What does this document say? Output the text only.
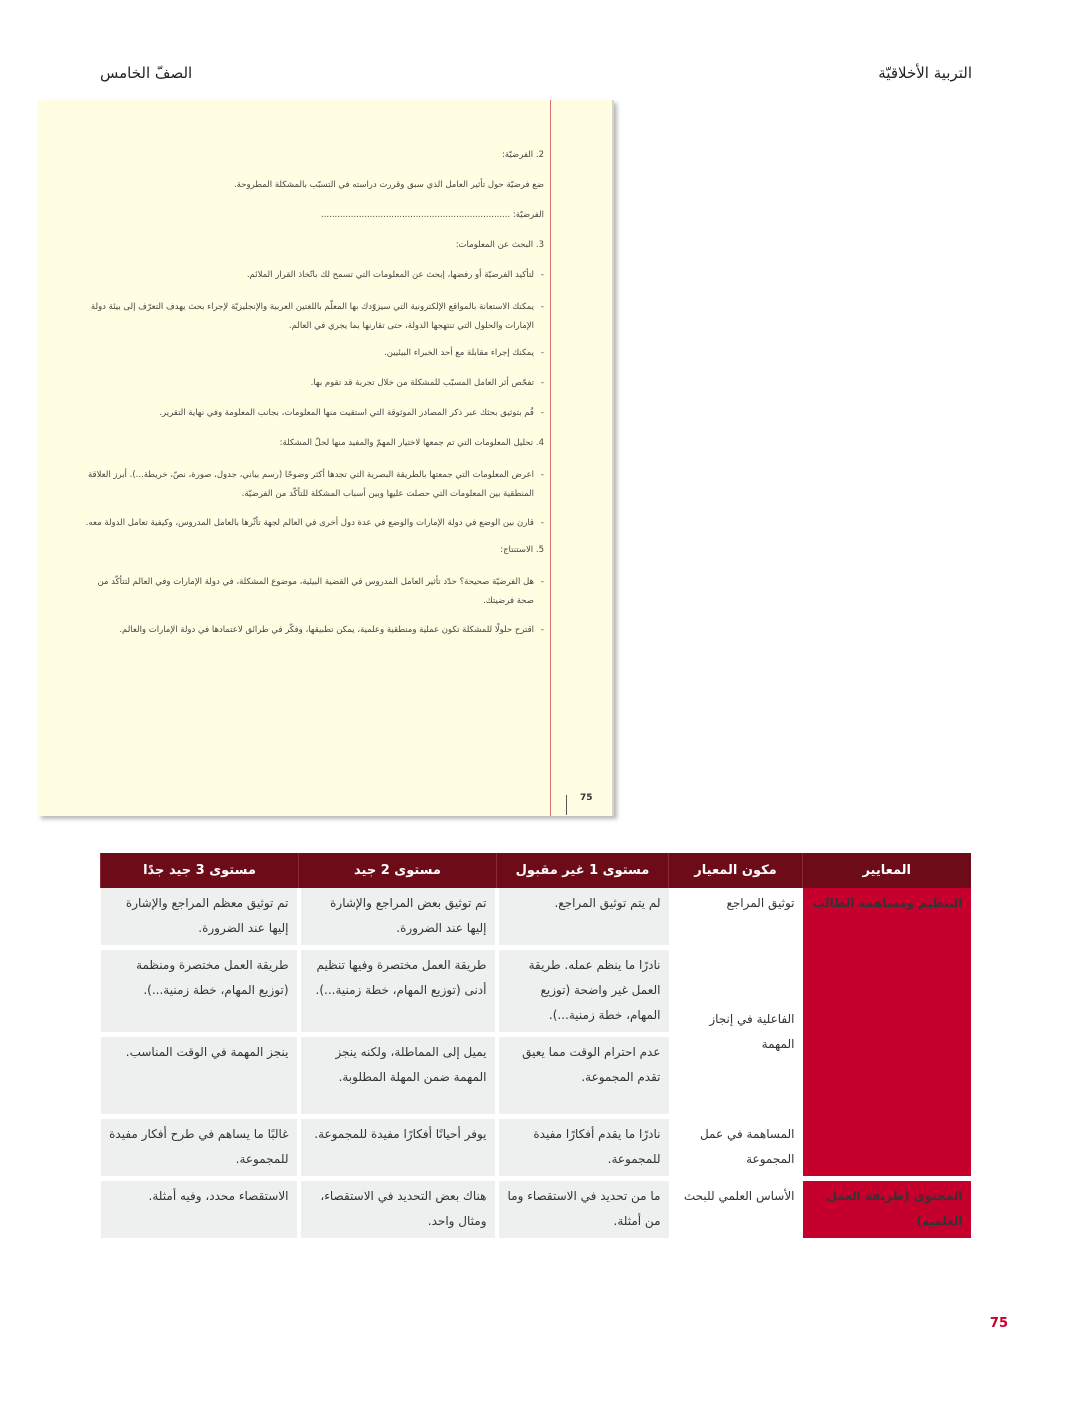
التربية الأخلاقيّة
الصفّ الخامس
75
2. الفرضيّة:
ضع فرضيّة حول تأثير العامل الذي سبق وقررت دراسته في التسبّب بالمشكلة المطروحة.
الفرضيّة: ......................................................................
3. البحث عن المعلومات:
- لتأكيد الفرضيّة أو رفضها، إبحث عن المعلومات التي تسمح لك باتّخاذ القرار الملائم.
- يمكنك الاستعانة بالمواقع الإلكترونية التي سيزوّدك بها المعلّم باللغتين العربية والإنجليزيّة لإجراء بحث يهدف التعرّف إلى بيئة دولة الإمارات والحلول التي تنتهجها الدولة، حتى تقارنها بما يجري في العالم.
- يمكنك إجراء مقابلة مع أحد الخبراء البيئيين.
- تفحّص أثر العامل المسبّب للمشكلة من خلال تجربة قد تقوم بها.
- قُم بتوثيق بحثك عبر ذكر المصادر الموثوقة التي استقيت منها المعلومات، بجانب المعلومة وفي نهاية التقرير.
4. تحليل المعلومات التي تم جمعها لاختيار المهمّ والمفيد منها لحلّ المشكلة:
- اعرض المعلومات التي جمعتها بالطريقة البصرية التي تجدها أكثر وضوحًا (رسم بياني، جدول، صورة، نصّ، خريطة...). أبرز العلاقة المنطقية بين المعلومات التي حصلت عليها وبين أسباب المشكلة للتأكّد من الفرضيّة.
- قارن بين الوضع في دولة الإمارات والوضع في عدة دول أخرى في العالم لجهة تأثّرها بالعامل المدروس، وكيفية تعامل الدولة معه.
5. الاستنتاج:
- هل الفرضيّة صحيحة؟ حدّد تأثير العامل المدروس في القضية البيئية، موضوع المشكلة، في دولة الإمارات وفي العالم لتتأكّد من صحة فرضيتك.
- اقترح حلولًا للمشكلة تكون عملية ومنطقية وعلمية، يمكن تطبيقها، وفكّر في طرائق لاعتمادها في دولة الإمارات والعالم.
المعايير	مكون المعيار	مستوى 1 غير مقبول	مستوى 2 جيد	مستوى 3 جيد جدًا
التنظيم ومساهمة الطالب	توثيق المراجع	لم يتم توثيق المراجع.	تم توثيق بعض المراجع والإشارة إليها عند الضرورة.	تم توثيق معظم المراجع والإشارة إليها عند الضرورة.
	الفاعلية في إنجاز المهمة	نادرًا ما ينظم عمله. طريقة العمل غير واضحة (توزيع المهام، خطة زمنية...).	طريقة العمل مختصرة وفيها تنظيم أدنى (توزيع المهام، خطة زمنية...).	طريقة العمل مختصرة ومنظمة (توزيع المهام، خطة زمنية...).
		عدم احترام الوقت مما يعيق تقدم المجموعة.	يميل إلى المماطلة، ولكنه ينجز المهمة ضمن المهلة المطلوبة.	ينجز المهمة في الوقت المناسب.
	المساهمة في عمل المجموعة	نادرًا ما يقدم أفكارًا مفيدة للمجموعة.	يوفر أحيانًا أفكارًا مفيدة للمجموعة.	غالبًا ما يساهم في طرح أفكار مفيدة للمجموعة.
المحتوى (طريقة العمل العلمية)	الأساس العلمي للبحث	ما من تحديد في الاستقصاء وما من أمثلة.	هناك بعض التحديد في الاستقصاء، ومثال واحد.	الاستقصاء محدد، وفيه أمثلة.
75
